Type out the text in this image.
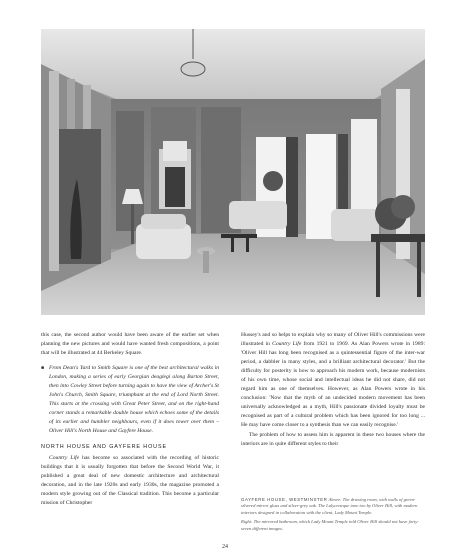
this case, the second author would have been aware of the earlier set when planning the new pictures and would have wanted fresh compositions, a point that will be illustrated at 44 Berkeley Square.

■ From Dean's Yard to Smith Square is one of the best architectural walks in London, making a series of early Georgian deaglegi along Barton Street, then into Cowley Street before turning again to have the view of Archer's St John's Church, Smith Square, triumphant at the end of Lord North Street. This starts at the crossing with Great Peter Street, and on the right-hand corner stands a remarkable double house which echoes some of the details of its earlier and humbler neighbours, even if it does tower over them – Oliver Hill's North House and Gayfere House.
NORTH HOUSE AND GAYFERE HOUSE

Country Life has become so associated with the recording of historic buildings that it is usually forgotten that before the Second World War, it published a great deal of new domestic architecture and architectural decoration, and in the late 1920s and early 1930s, the magazine promoted a modern style growing out of the Classical tradition. This become a particular mission of Christopher

Hussey's and so helps to explain why so many of Oliver Hill's commissions were illustrated in Country Life from 1921 to 1969. As Alan Powers wrote in 1989: 'Oliver Hill has long been recognised as a quintessential figure of the inter-war period, a dabbler in many styles, and a brilliant architectural decorator.' But the difficulty for posterity is how to approach his modern work, because modernists of his own time, whose social and intellectual ideas he did not share, did not regard him as one of themselves. However, as Alan Powers wrote in his conclusion: 'Now that the myth of an undecided modern movement has been universally acknowledged as a myth, Hill's passionate divided loyalty must be recognised as part of a cultural problem which has been ignored for too long ... He may have come closer to a synthesis than we can easily recognise.'

The problem of how to assess him is apparent in these two houses where the interiors are in quite different styles to their

GAYFERE HOUSE, WESTMINSTER Above: The drawing room, with walls of green-silvered mirror glass and silver-grey oak. The Lalyceneque tone too by Oliver Hill, with modern interiors designed in collaboration with the client, Lady Mount Temple.

Right: The mirrored bathroom, which Lady Mount Temple told Oliver Hill should not have forty-seven different images.

24
